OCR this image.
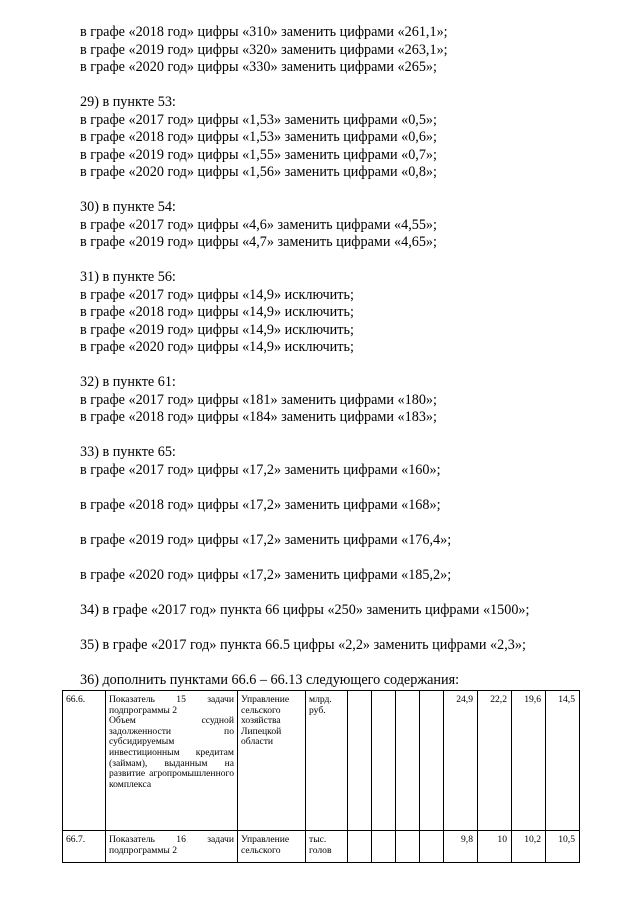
в графе «2018 год» цифры «310» заменить цифрами «261,1»;
в графе «2019 год» цифры «320» заменить цифрами «263,1»;
в графе «2020 год» цифры «330» заменить цифрами «265»;
29) в пункте 53:
в графе «2017 год» цифры «1,53» заменить цифрами «0,5»;
в графе «2018 год» цифры «1,53» заменить цифрами «0,6»;
в графе «2019 год» цифры «1,55» заменить цифрами «0,7»;
в графе «2020 год» цифры «1,56» заменить цифрами «0,8»;
30) в пункте 54:
в графе «2017 год» цифры «4,6» заменить цифрами «4,55»;
в графе «2019 год» цифры «4,7» заменить цифрами «4,65»;
31) в пункте 56:
в графе «2017 год» цифры «14,9» исключить;
в графе «2018 год» цифры «14,9» исключить;
в графе «2019 год» цифры «14,9» исключить;
в графе «2020 год» цифры «14,9» исключить;
32) в пункте 61:
в графе «2017 год» цифры «181» заменить цифрами «180»;
в графе «2018 год» цифры «184» заменить цифрами «183»;
33) в пункте 65:
в графе «2017 год» цифры «17,2» заменить цифрами «160»;
в графе «2018 год» цифры «17,2» заменить цифрами «168»;
в графе «2019 год» цифры «17,2» заменить цифрами «176,4»;
в графе «2020 год» цифры «17,2» заменить цифрами «185,2»;
34) в графе «2017 год» пункта 66 цифры «250» заменить цифрами «1500»;
35) в графе «2017 год» пункта 66.5 цифры «2,2» заменить цифрами «2,3»;
36) дополнить пунктами 66.6 – 66.13 следующего содержания:
66.6.	Показатель 15 задачи подпрограммы 2
Объем ссудной задолженности по субсидируемым инвестиционным кредитам (займам), выданным на развитие агропромышленного комплекса	Управление сельского хозяйства Липецкой области	млрд. руб.					24,9	22,2	19,6	14,5
66.7.	Показатель 16 задачи подпрограммы 2	Управление сельского	тыс. голов					9,8	10	10,2	10,5
